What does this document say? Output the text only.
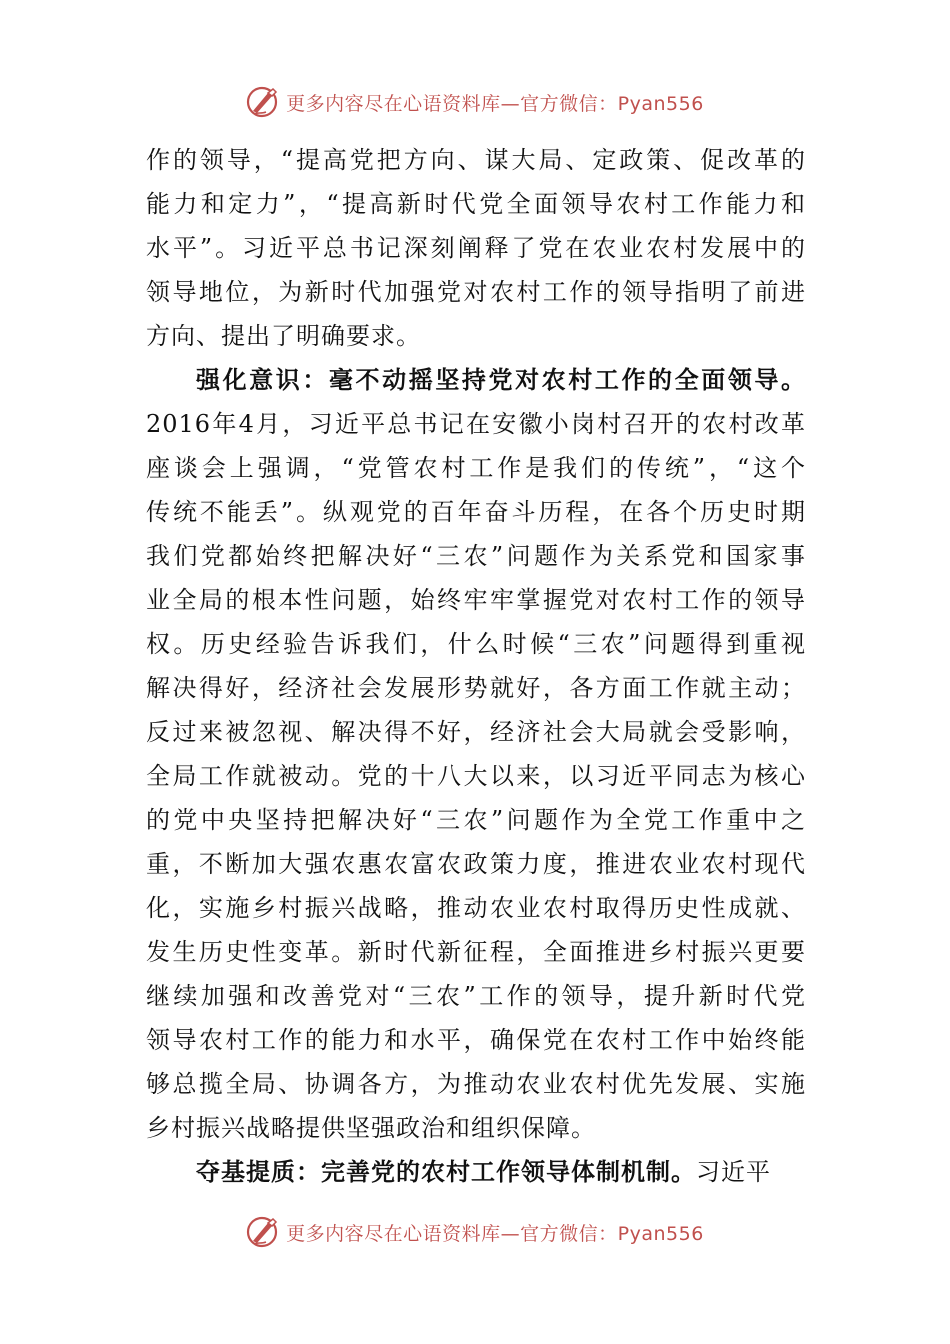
更多内容尽在心语资料库—官方微信：Pyan556
作的领导，“提高党把方向、谋大局、定政策、促改革的
能力和定力”，“提高新时代党全面领导农村工作能力和
水平”。习近平总书记深刻阐释了党在农业农村发展中的
领导地位，为新时代加强党对农村工作的领导指明了前进
方向、提出了明确要求。
强化意识：毫不动摇坚持党对农村工作的全面领导。
2016年4月，习近平总书记在安徽小岗村召开的农村改革
座谈会上强调，“党管农村工作是我们的传统”，“这个
传统不能丢”。纵观党的百年奋斗历程，在各个历史时期
我们党都始终把解决好“三农”问题作为关系党和国家事
业全局的根本性问题，始终牢牢掌握党对农村工作的领导
权。历史经验告诉我们，什么时候“三农”问题得到重视
解决得好，经济社会发展形势就好，各方面工作就主动；
反过来被忽视、解决得不好，经济社会大局就会受影响，
全局工作就被动。党的十八大以来，以习近平同志为核心
的党中央坚持把解决好“三农”问题作为全党工作重中之
重，不断加大强农惠农富农政策力度，推进农业农村现代
化，实施乡村振兴战略，推动农业农村取得历史性成就、
发生历史性变革。新时代新征程，全面推进乡村振兴更要
继续加强和改善党对“三农”工作的领导，提升新时代党
领导农村工作的能力和水平，确保党在农村工作中始终能
够总揽全局、协调各方，为推动农业农村优先发展、实施
乡村振兴战略提供坚强政治和组织保障。
夺基提质：完善党的农村工作领导体制机制。习近平
更多内容尽在心语资料库—官方微信：Pyan556
